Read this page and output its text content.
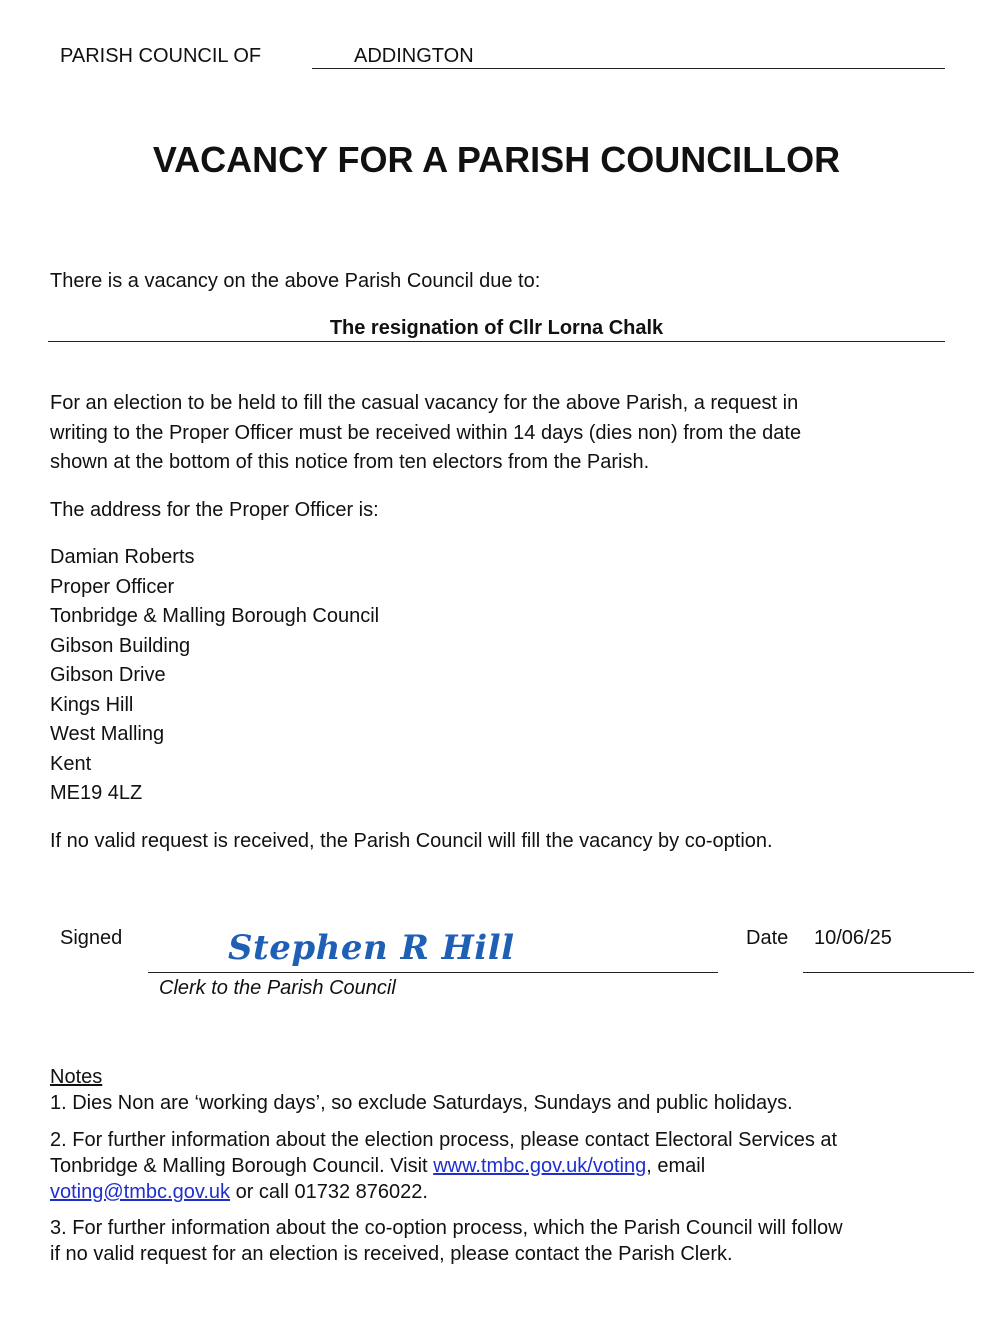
PARISH COUNCIL OF	ADDINGTON
VACANCY FOR A PARISH COUNCILLOR
There is a vacancy on the above Parish Council due to:
The resignation of Cllr Lorna Chalk
For an election to be held to fill the casual vacancy for the above Parish, a request in
writing to the Proper Officer must be received within 14 days (dies non) from the date
shown at the bottom of this notice from ten electors from the Parish.
The address for the Proper Officer is:
Damian Roberts
Proper Officer
Tonbridge & Malling Borough Council
Gibson Building
Gibson Drive
Kings Hill
West Malling
Kent
ME19 4LZ
If no valid request is received, the Parish Council will fill the vacancy by co-option.
Signed	Stephen R Hill
Clerk to the Parish Council
Date 10/06/25
Notes
1. Dies Non are ‘working days’, so exclude Saturdays, Sundays and public holidays.
2. For further information about the election process, please contact Electoral Services at
Tonbridge & Malling Borough Council. Visit www.tmbc.gov.uk/voting, email
voting@tmbc.gov.uk or call 01732 876022.
3. For further information about the co-option process, which the Parish Council will follow
if no valid request for an election is received, please contact the Parish Clerk.
